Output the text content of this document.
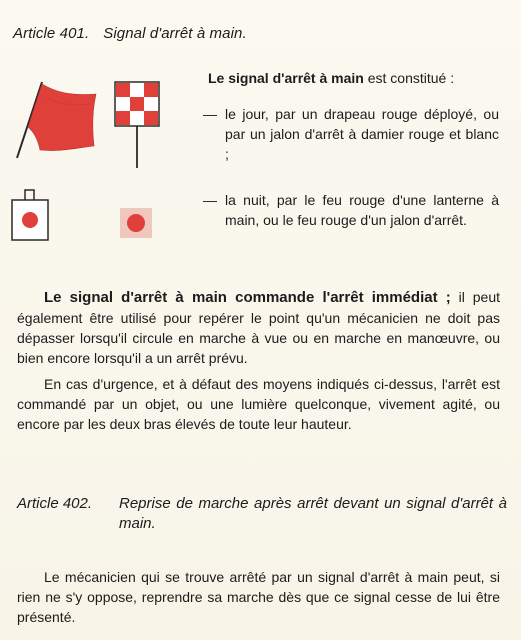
Article 401. Signal d'arrêt à main.
Le signal d'arrêt à main est constitué :
— le jour, par un drapeau rouge déployé, ou par un jalon d'arrêt à damier rouge et blanc ;
— la nuit, par le feu rouge d'une lanterne à main, ou le feu rouge d'un jalon d'arrêt.
Le signal d'arrêt à main commande l'arrêt immédiat ; il peut également être utilisé pour repérer le point qu'un mécanicien ne doit pas dépasser lorsqu'il circule en marche à vue ou en marche en manœuvre, ou bien encore lorsqu'il a un arrêt prévu.
En cas d'urgence, et à défaut des moyens indiqués ci-dessus, l'arrêt est commandé par un objet, ou une lumière quelconque, vivement agité, ou encore par les deux bras élevés de toute leur hauteur.
Article 402. Reprise de marche après arrêt devant un signal d'arrêt à main.
Le mécanicien qui se trouve arrêté par un signal d'arrêt à main peut, si rien ne s'y oppose, reprendre sa marche dès que ce signal cesse de lui être présenté.
